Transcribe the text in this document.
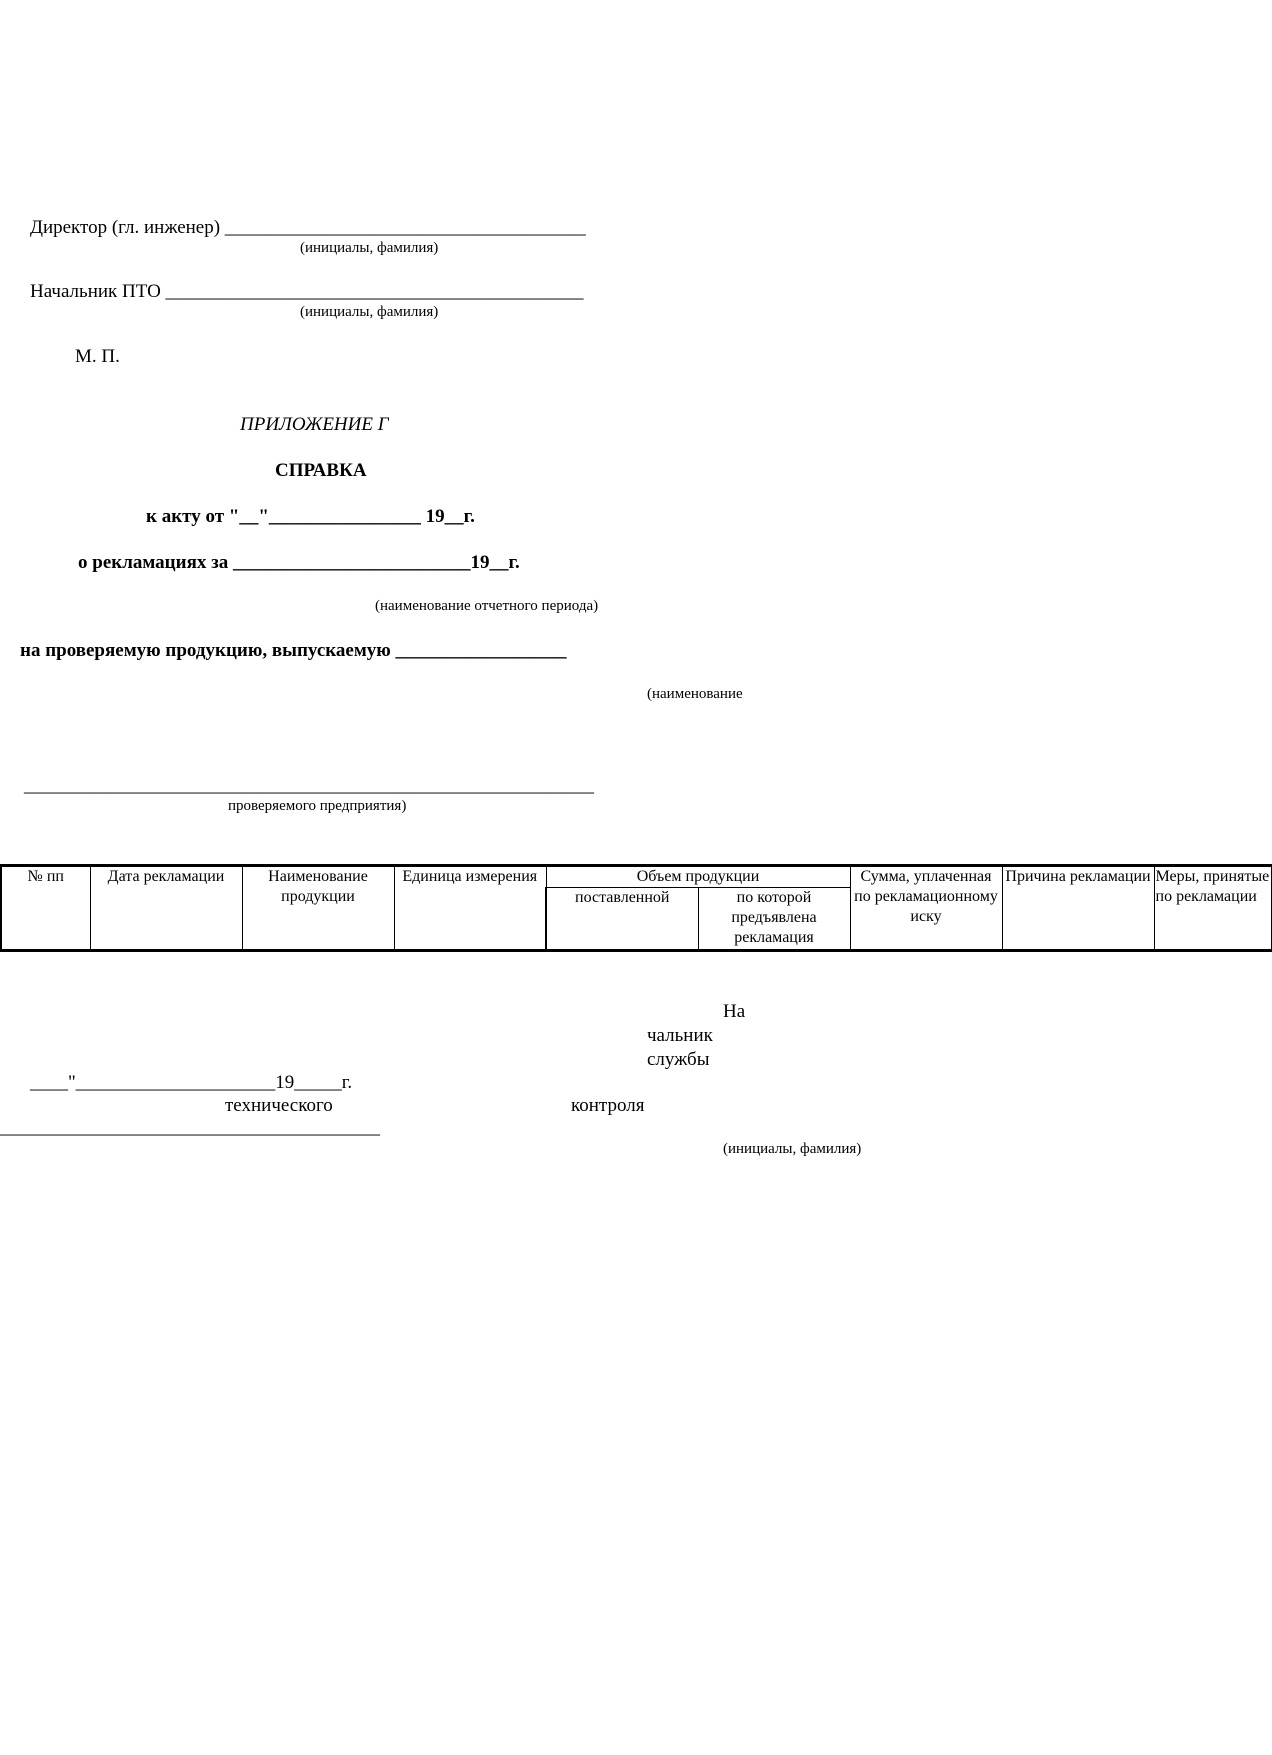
Директор (гл. инженер) ______________________________________
(инициалы, фамилия)
Начальник ПТО ____________________________________________
(инициалы, фамилия)
М. П.
ПРИЛОЖЕНИЕ Г
СПРАВКА
к акту от "__"________________ 19__г.
о рекламациях за _________________________19__г.
(наименование отчетного периода)
на проверяемую продукцию, выпускаемую __________________
(наименование
____________________________________________________________
проверяемого предприятия)
№ пп	Дата рекламации	Наименование продукции	Единица измерения	Объем продукции		Сумма, уплаченная по рекламационному иску	Причина рекламации	Меры, принятые по рекламации
				поставленной	по которой предъявлена рекламация			
____"_____________________19_____г.
На
чальник
службы
технического	контроля
________________________________________
(инициалы, фамилия)
